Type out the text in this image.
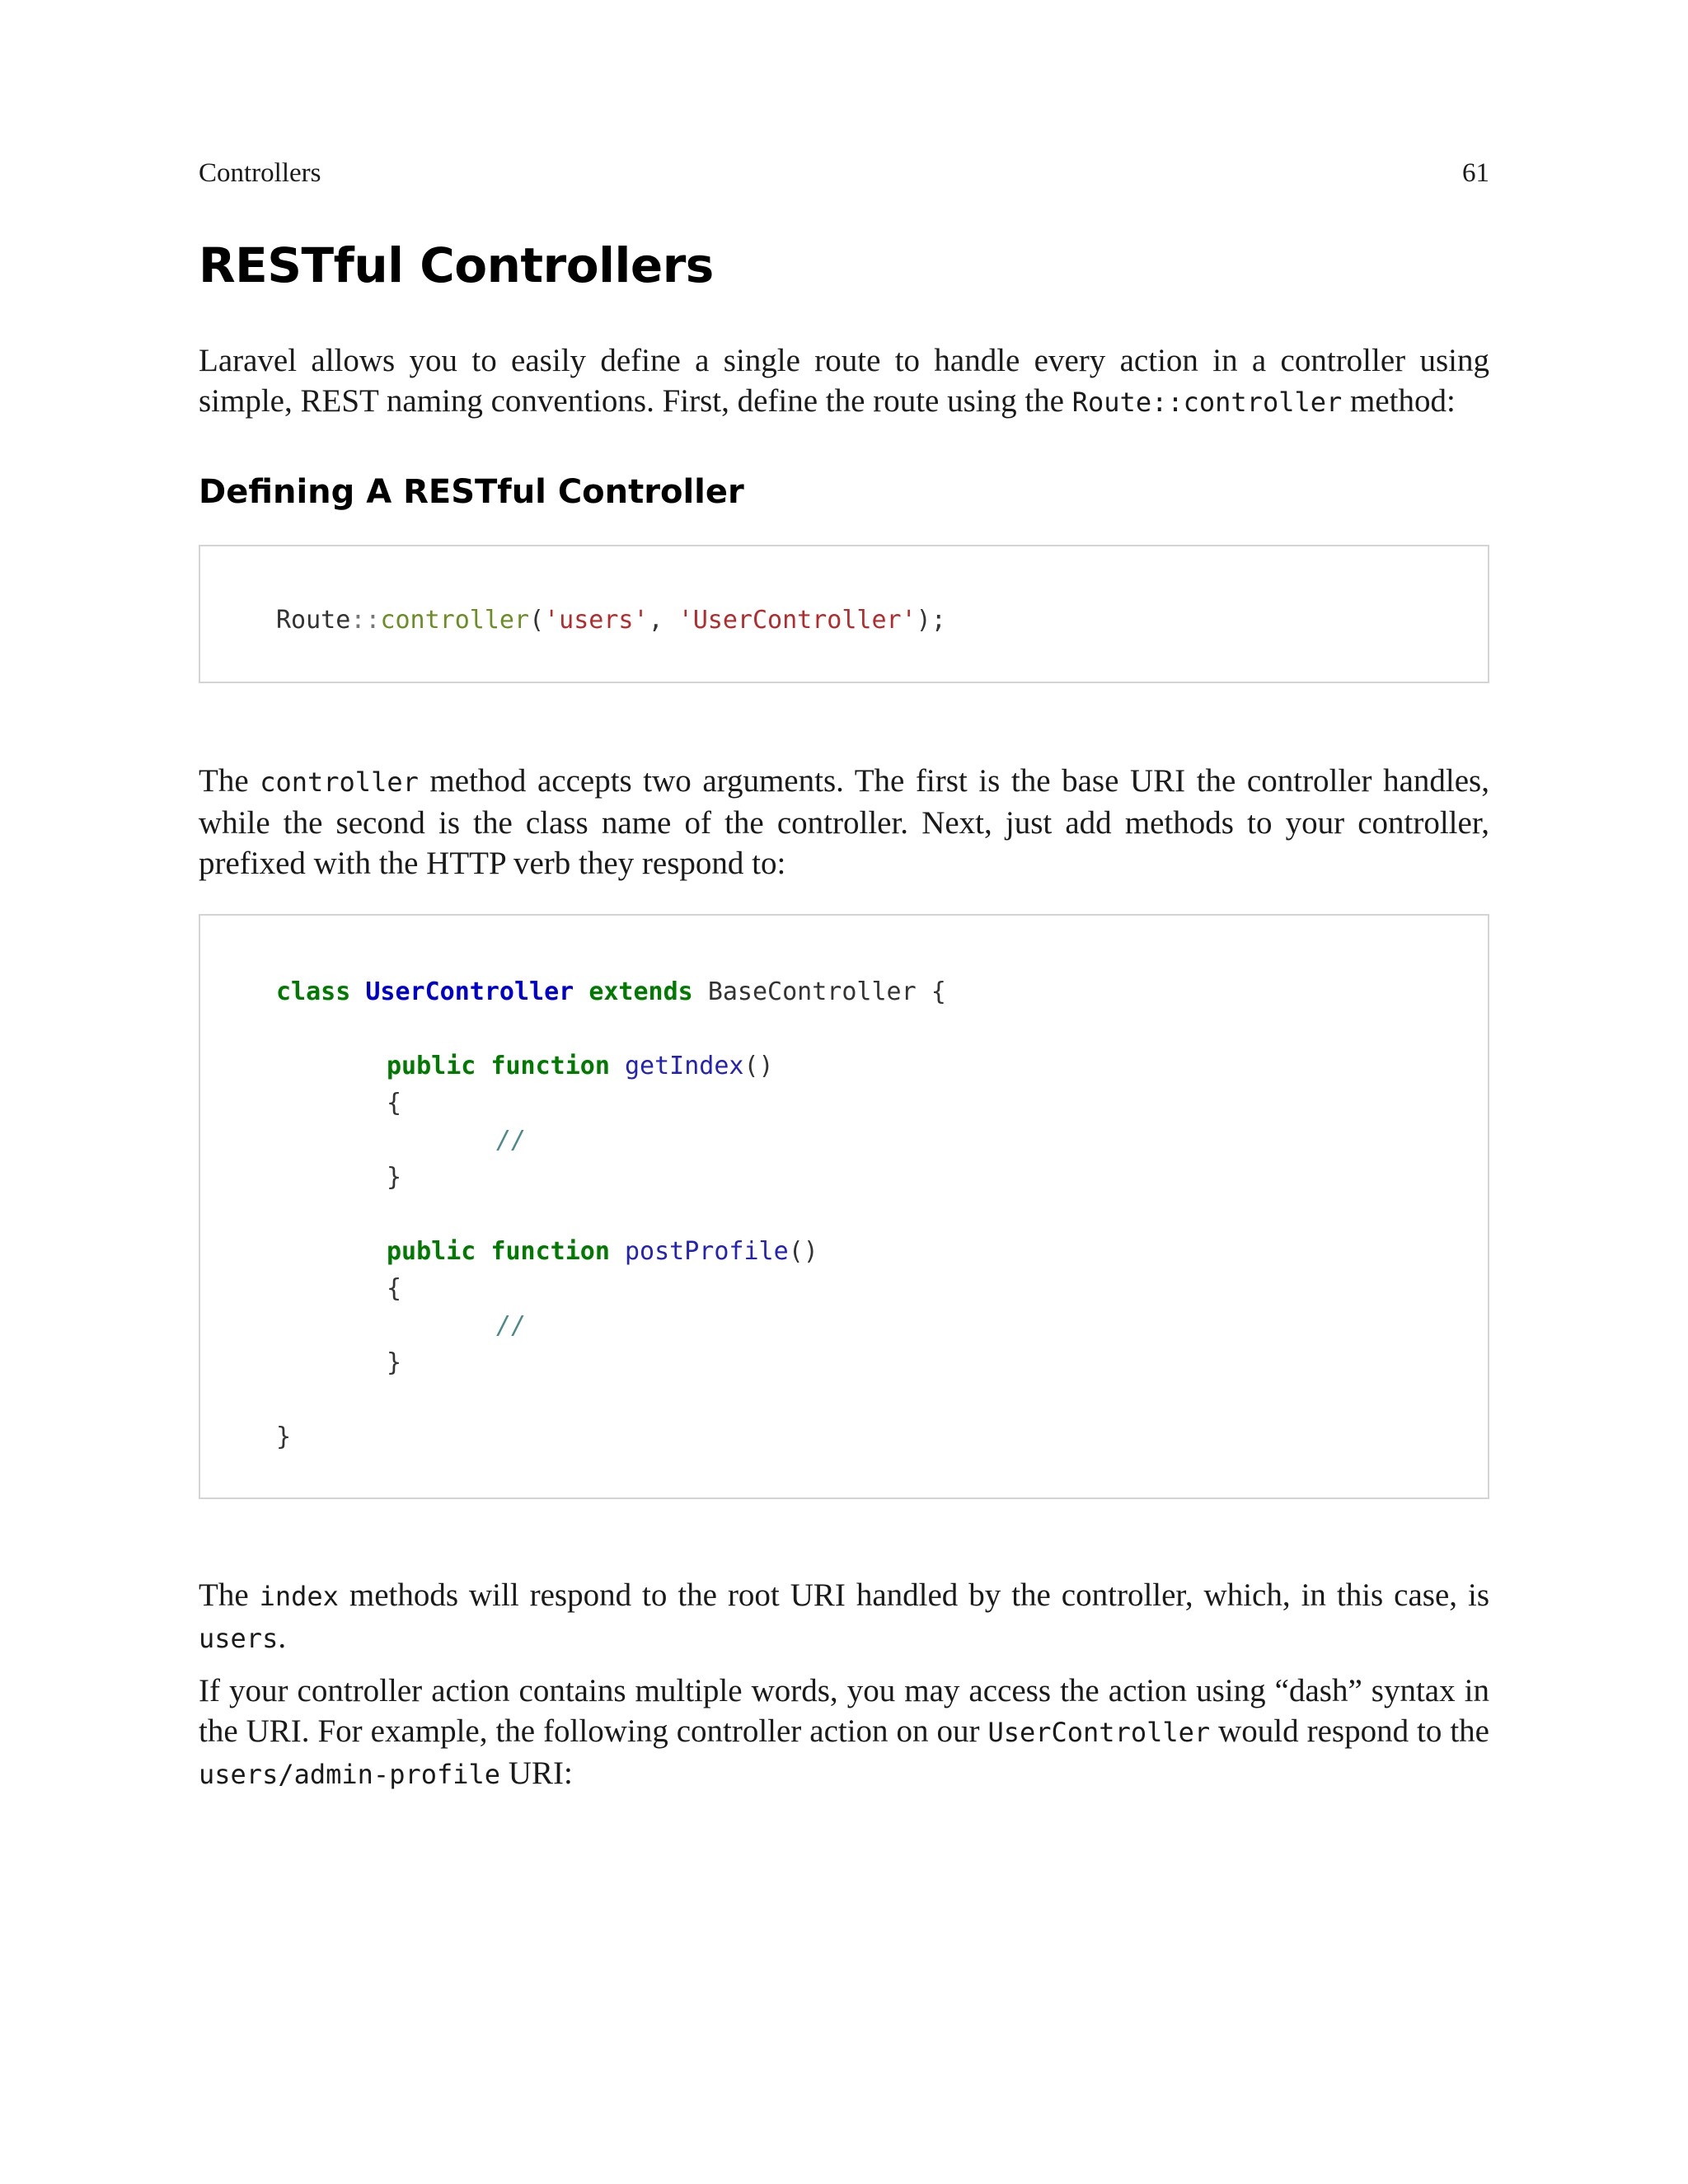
Controllers	61
RESTful Controllers

Laravel allows you to easily define a single route to handle every action in a controller using simple, REST naming conventions. First, define the route using the Route::controller method:

Defining A RESTful Controller
Route::controller('users', 'UserController');

The controller method accepts two arguments. The first is the base URI the controller handles, while the second is the class name of the controller. Next, just add methods to your controller, prefixed with the HTTP verb they respond to:

class UserController extends BaseController {
public function getIndex()
{
//
}
public function postProfile()
{
//
}
}

The index methods will respond to the root URI handled by the controller, which, in this case, is users.

If your controller action contains multiple words, you may access the action using “dash” syntax in the URI. For example, the following controller action on our UserController would respond to the users/admin-profile URI:
